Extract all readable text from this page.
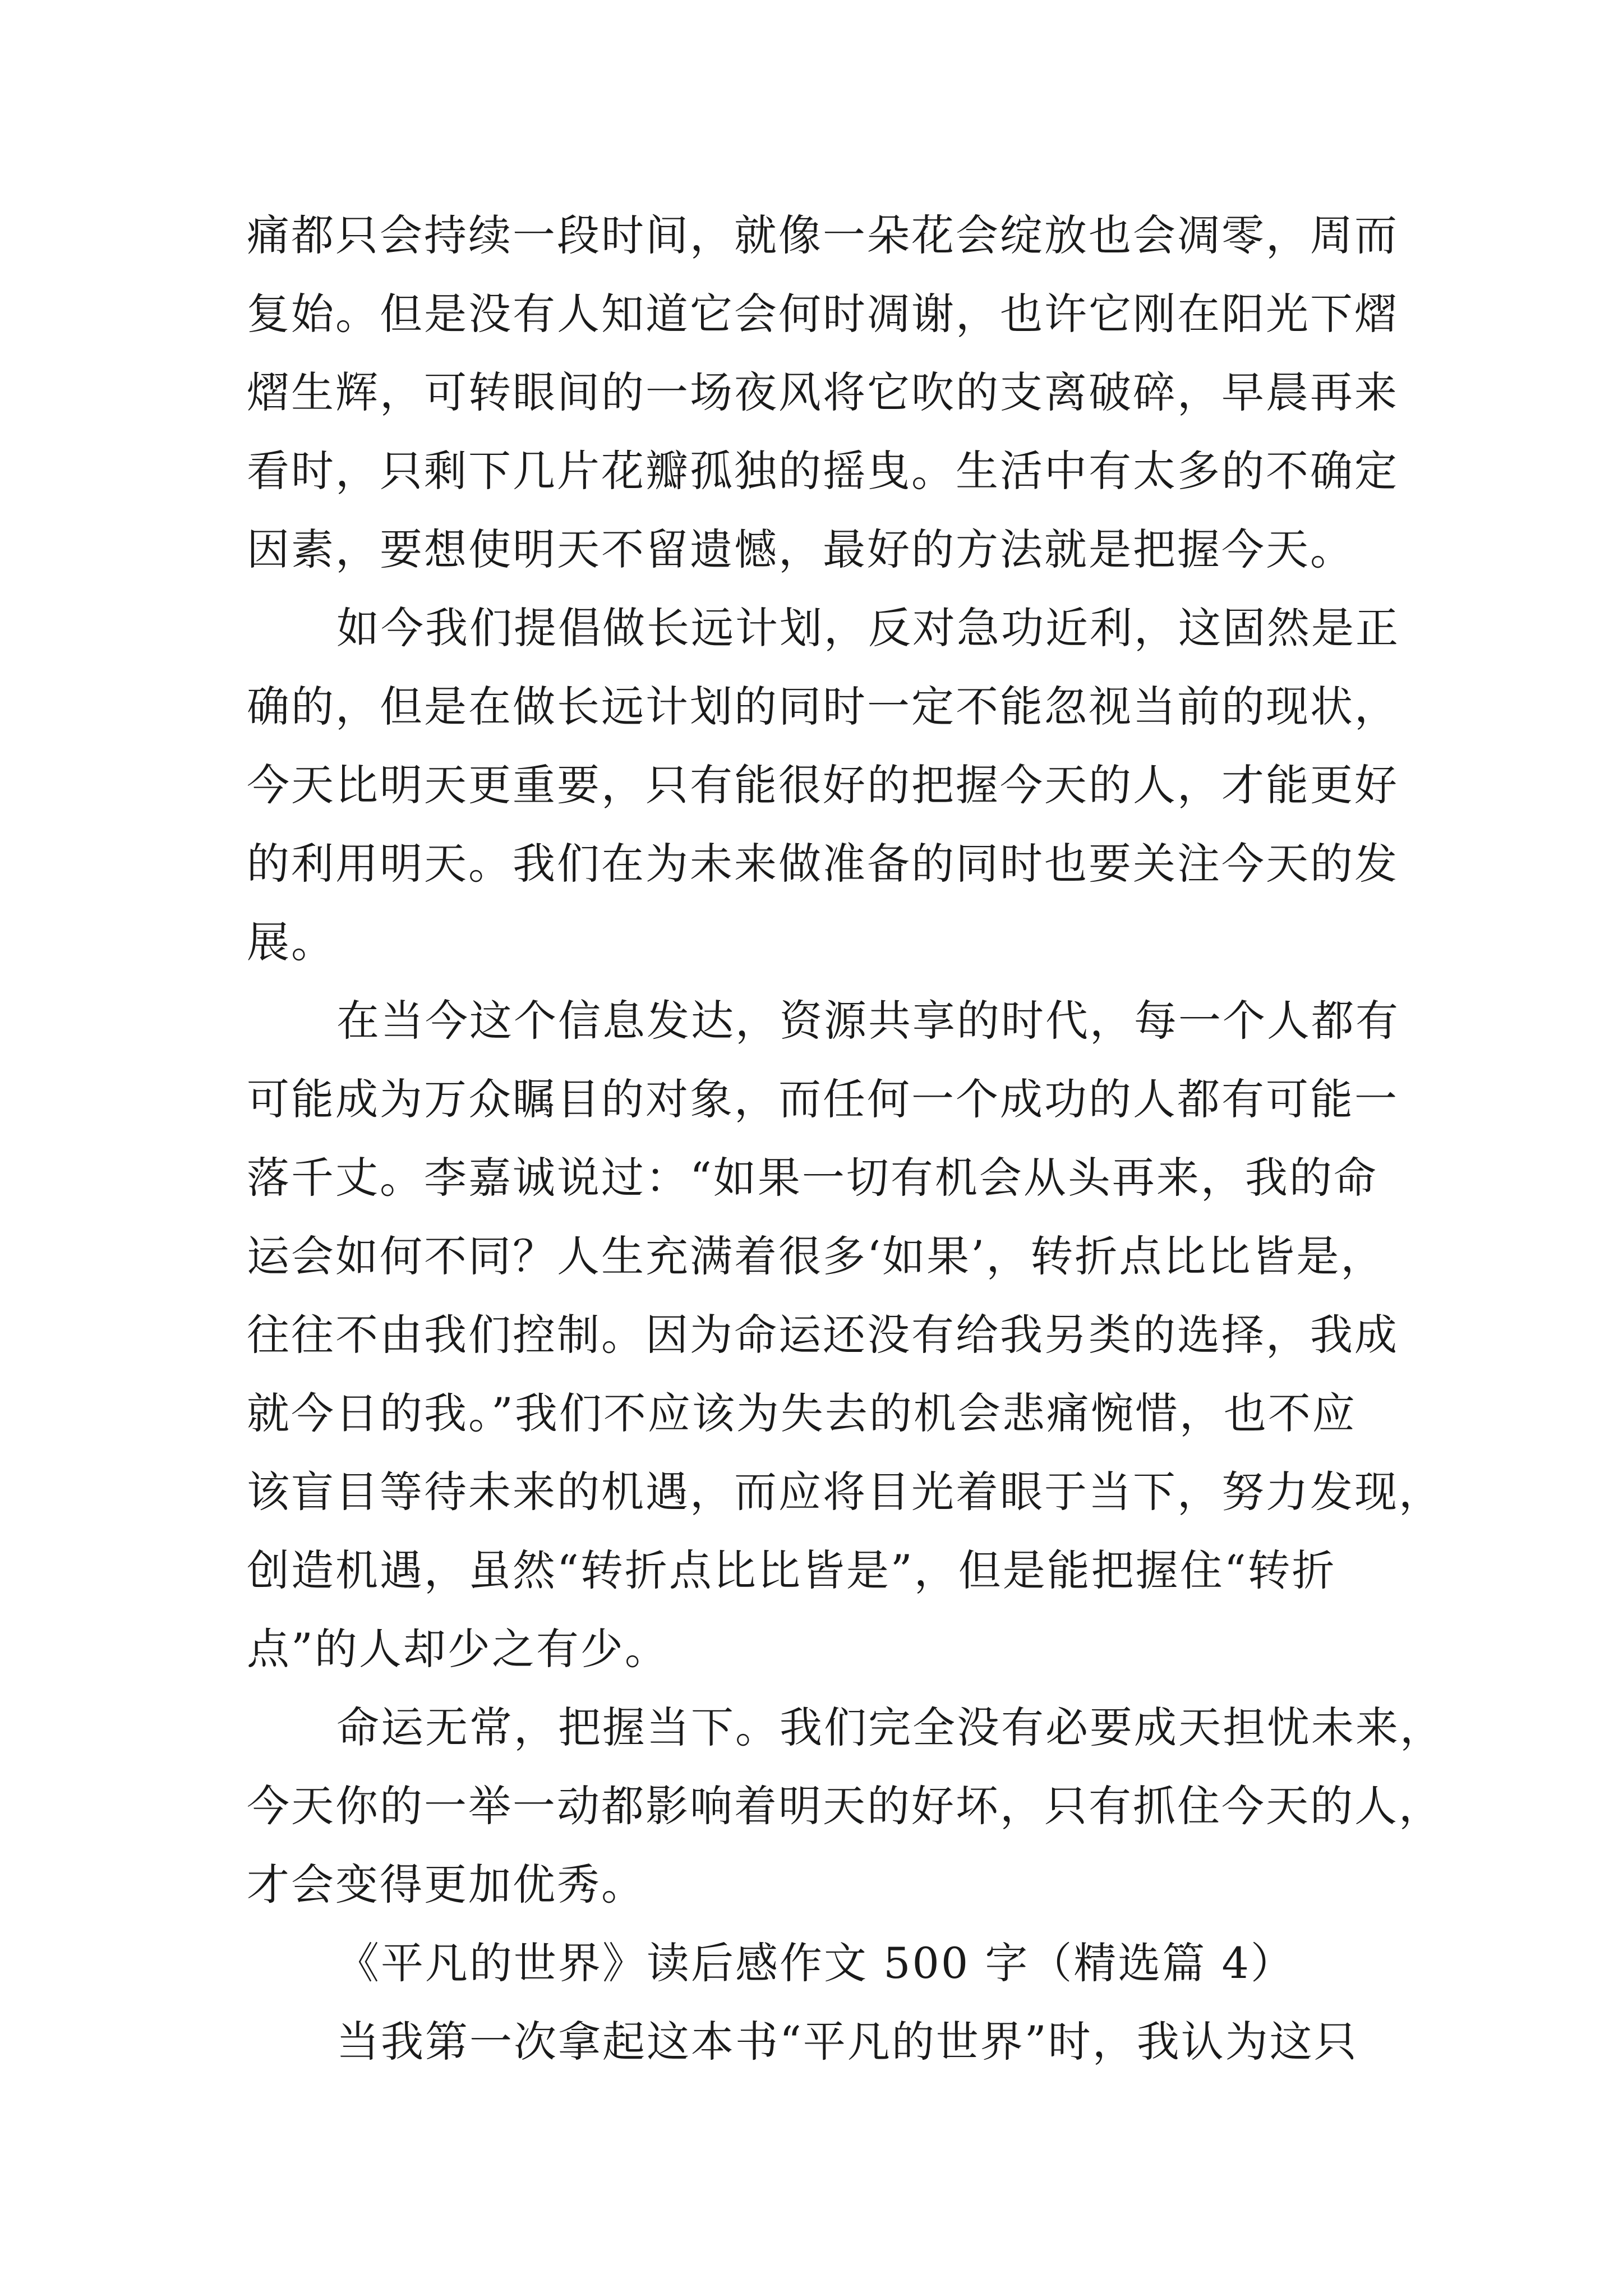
痛都只会持续一段时间，就像一朵花会绽放也会凋零，周而
复始。但是没有人知道它会何时凋谢，也许它刚在阳光下熠
熠生辉，可转眼间的一场夜风将它吹的支离破碎，早晨再来
看时，只剩下几片花瓣孤独的摇曳。生活中有太多的不确定
因素，要想使明天不留遗憾，最好的方法就是把握今天。
如今我们提倡做长远计划，反对急功近利，这固然是正
确的，但是在做长远计划的同时一定不能忽视当前的现状，
今天比明天更重要，只有能很好的把握今天的人，才能更好
的利用明天。我们在为未来做准备的同时也要关注今天的发
展。
在当今这个信息发达，资源共享的时代，每一个人都有
可能成为万众瞩目的对象，而任何一个成功的人都有可能一
落千丈。李嘉诚说过：“如果一切有机会从头再来，我的命
运会如何不同？人生充满着很多‘如果’，转折点比比皆是，
往往不由我们控制。因为命运还没有给我另类的选择，我成
就今日的我。”我们不应该为失去的机会悲痛惋惜，也不应
该盲目等待未来的机遇，而应将目光着眼于当下，努力发现，
创造机遇，虽然“转折点比比皆是”，但是能把握住“转折
点”的人却少之有少。
命运无常，把握当下。我们完全没有必要成天担忧未来，
今天你的一举一动都影响着明天的好坏，只有抓住今天的人，
才会变得更加优秀。
《平凡的世界》读后感作文 500 字（精选篇 4）
当我第一次拿起这本书“平凡的世界”时，我认为这只
